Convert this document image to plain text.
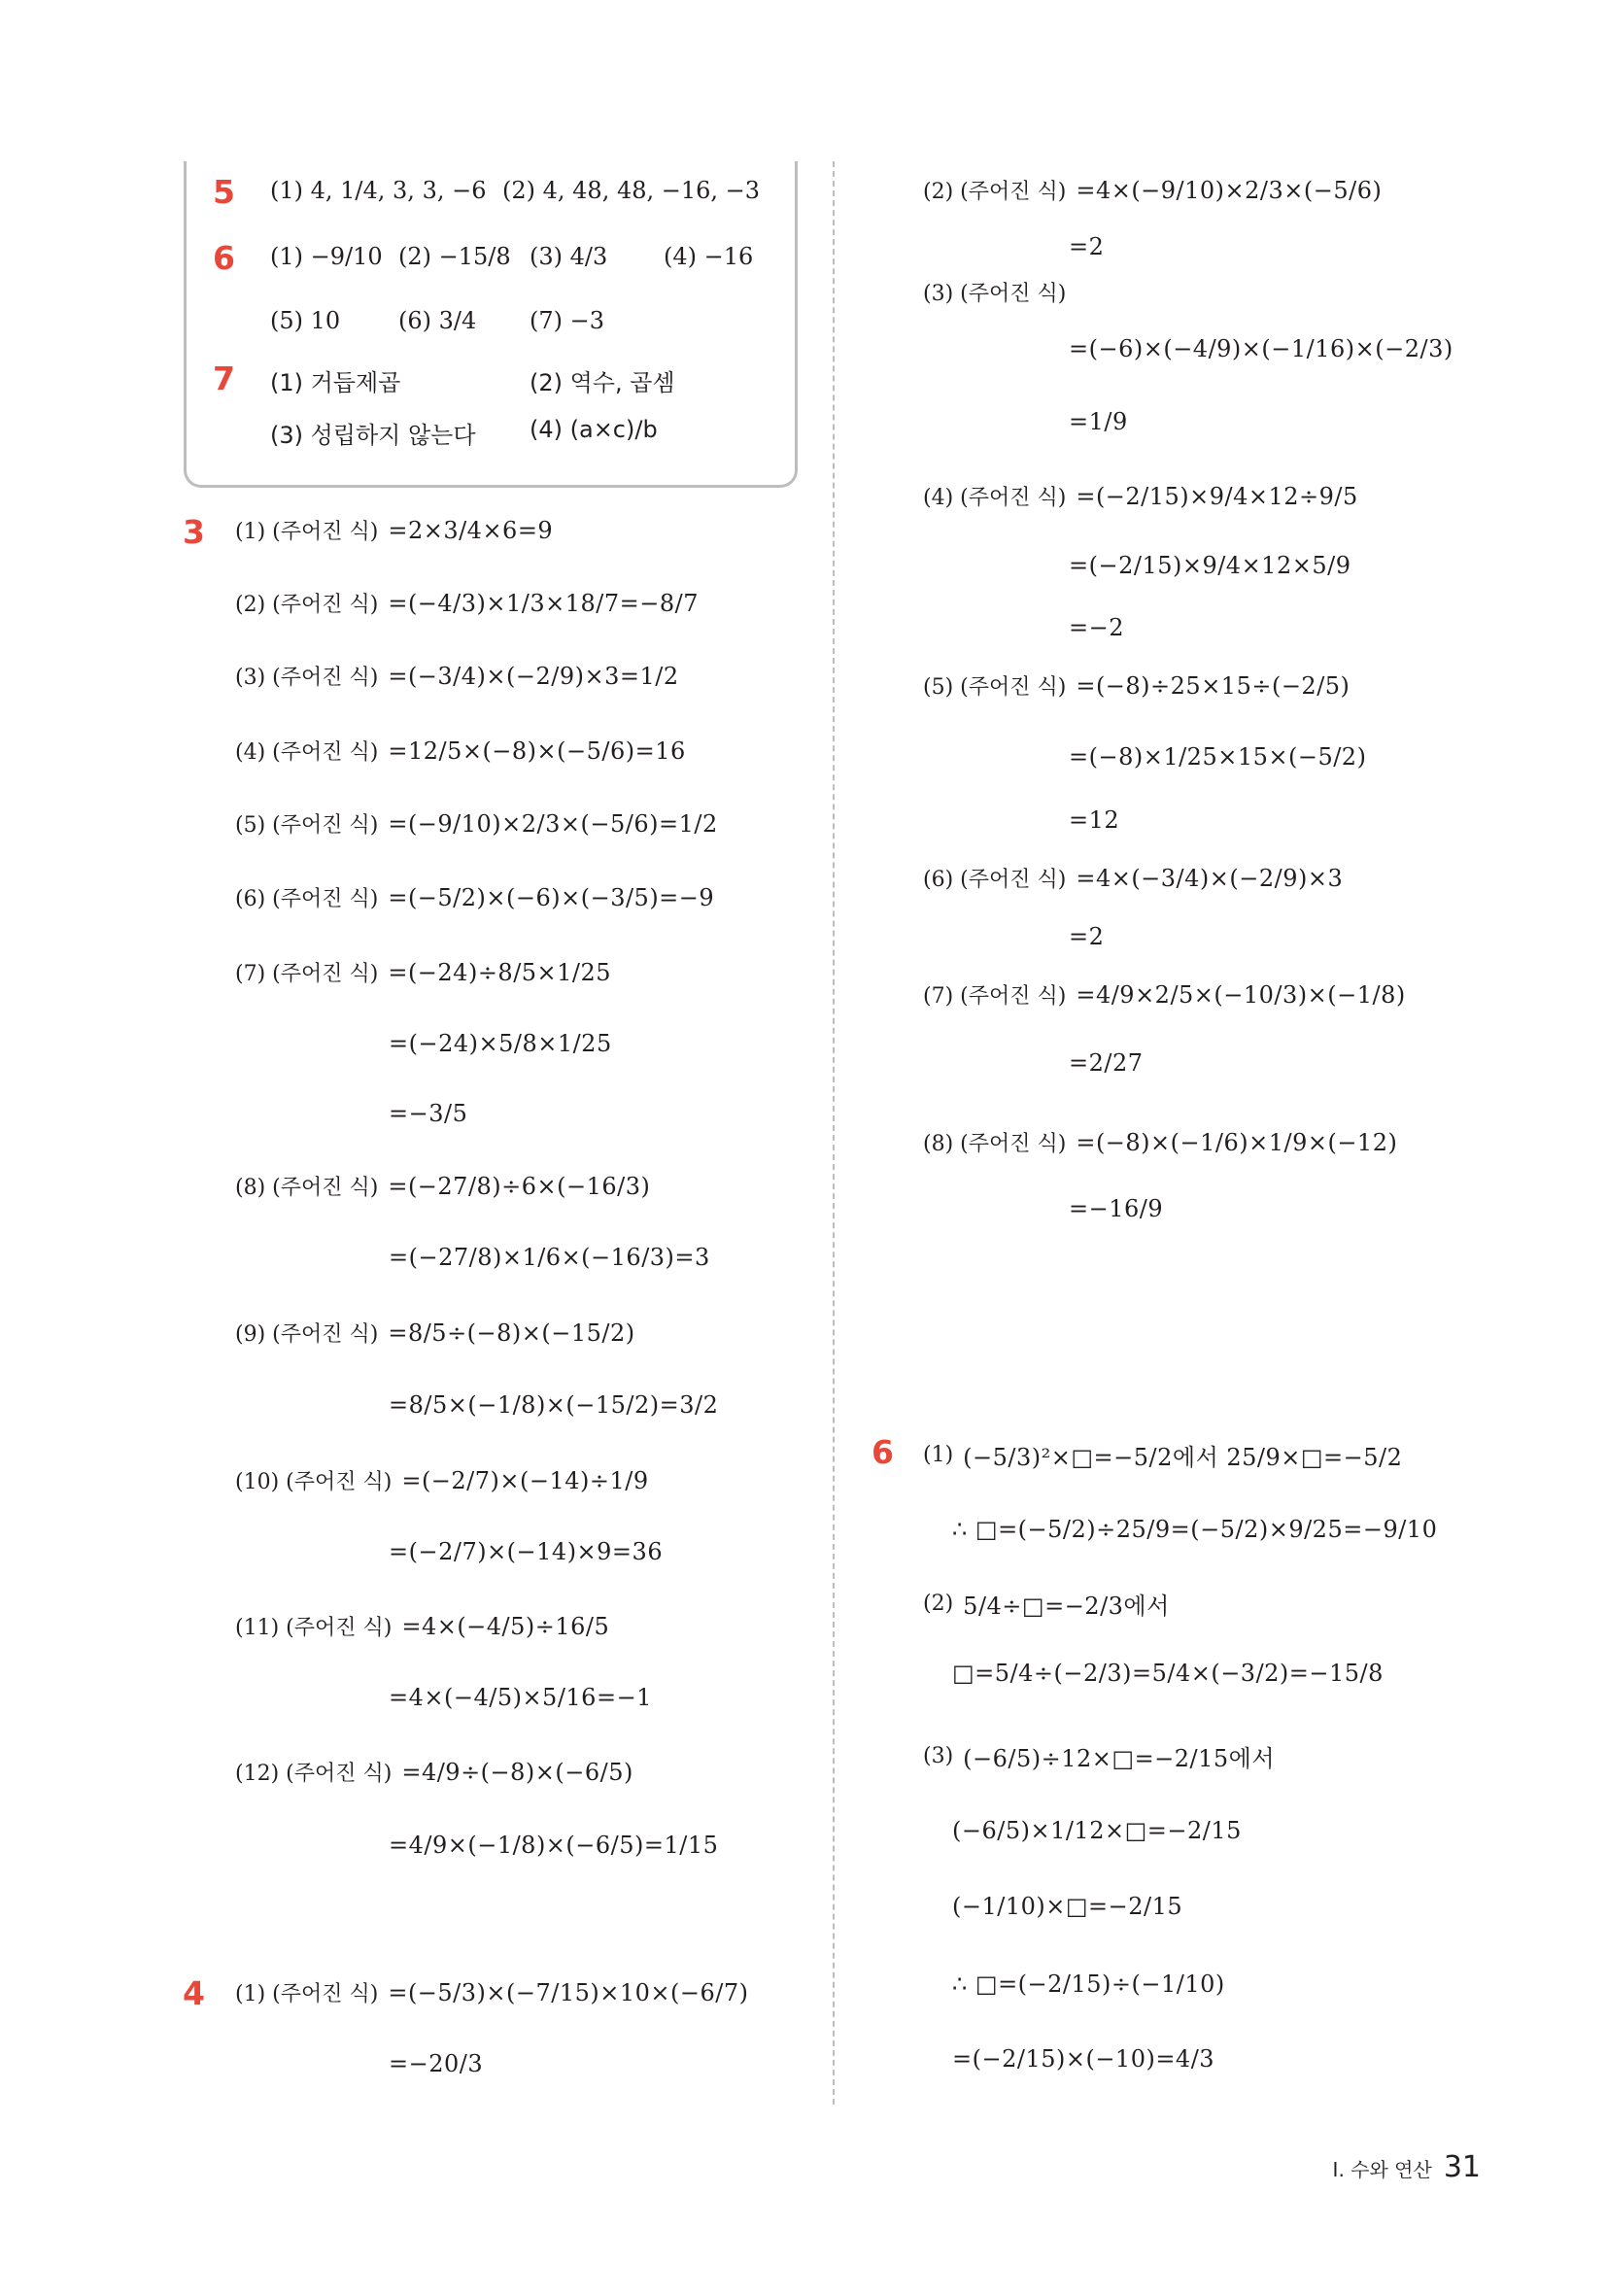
5 (1) 4, 1/4, 3, 3, −6 (2) 4, 48, 48, −16, −3
6 (1) −9/10 (2) −15/8 (3) 4/3 (4) −16
(5) 10 (6) 3/4 (7) −3
7 (1) 거듭제곱	(2) 역수, 곱셈
(3) 성립하지 않는다 (4) (a×c)/b
3 (1) (주어진 식) =2×3/4×6=9
(2) (주어진 식) =(−4/3)×1/3×18/7=−8/7
(3) (주어진 식) =(−3/4)×(−2/9)×3=1/2
(4) (주어진 식) =12/5×(−8)×(−5/6)=16
(5) (주어진 식) =(−9/10)×2/3×(−5/6)=1/2
(6) (주어진 식) =(−5/2)×(−6)×(−3/5)=−9
(7) (주어진 식) =(−24)÷8/5×1/25
=(−24)×5/8×1/25
=−3/5
(8) (주어진 식) =(−27/8)÷6×(−16/3)
=(−27/8)×1/6×(−16/3)=3
(9) (주어진 식) =8/5÷(−8)×(−15/2)
=8/5×(−1/8)×(−15/2)=3/2
(10) (주어진 식) =(−2/7)×(−14)÷1/9
=(−2/7)×(−14)×9=36
(11) (주어진 식) =4×(−4/5)÷16/5
=4×(−4/5)×5/16=−1
(12) (주어진 식) =4/9÷(−8)×(−6/5)
=4/9×(−1/8)×(−6/5)=1/15
4 (1) (주어진 식) =(−5/3)×(−7/15)×10×(−6/7)
=−20/3
(2) (주어진 식) =4×(−9/10)×2/3×(−5/6)
=2
(3) (주어진 식)
=(−6)×(−4/9)×(−1/16)×(−2/3)
=1/9
(4) (주어진 식) =(−2/15)×9/4×12÷9/5
=(−2/15)×9/4×12×5/9
=−2
(5) (주어진 식) =(−8)÷25×15÷(−2/5)
=(−8)×1/25×15×(−5/2)
=12
(6) (주어진 식) =4×(−3/4)×(−2/9)×3
=2
(7) (주어진 식) =4/9×2/5×(−10/3)×(−1/8)
=2/27
(8) (주어진 식) =(−8)×(−1/6)×1/9×(−12)
=−16/9
6 (1) (−5/3)²×□=−5/2에서 25/9×□=−5/2
∴ □=(−5/2)÷25/9=(−5/2)×9/25=−9/10
(2) 5/4÷□=−2/3에서
□=5/4÷(−2/3)=5/4×(−3/2)=−15/8
(3) (−6/5)÷12×□=−2/15에서
(−6/5)×1/12×□=−2/15
(−1/10)×□=−2/15
∴ □=(−2/15)÷(−1/10)
=(−2/15)×(−10)=4/3
Ⅰ. 수와 연산 31
